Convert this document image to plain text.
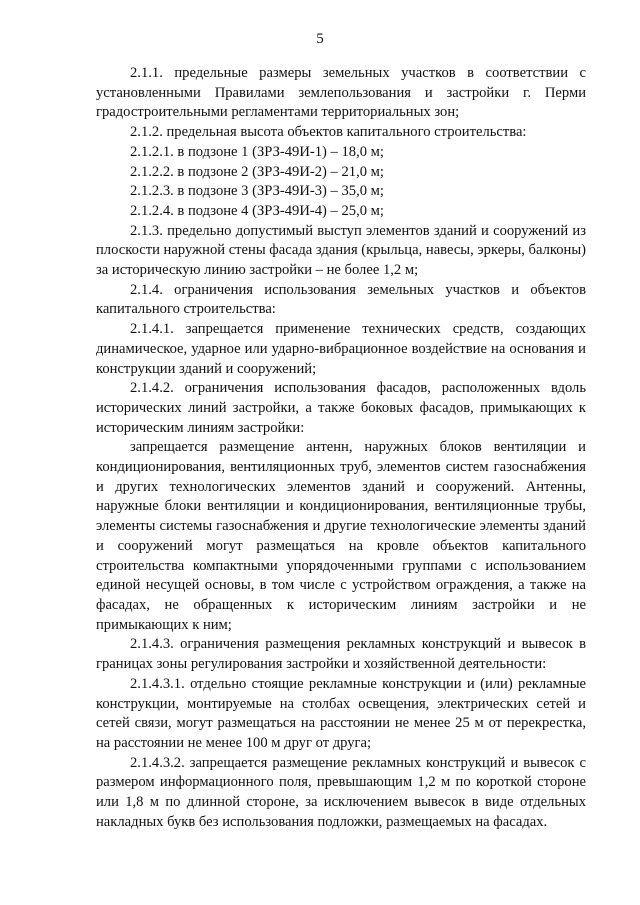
5

2.1.1. предельные размеры земельных участков в соответствии с установленными Правилами землепользования и застройки г. Перми градостроительными регламентами территориальных зон;

2.1.2. предельная высота объектов капитального строительства:

2.1.2.1. в подзоне 1 (ЗРЗ-49И-1) – 18,0 м;

2.1.2.2. в подзоне 2 (ЗРЗ-49И-2) – 21,0 м;

2.1.2.3. в подзоне 3 (ЗРЗ-49И-3) – 35,0 м;

2.1.2.4. в подзоне 4 (ЗРЗ-49И-4) – 25,0 м;

2.1.3. предельно допустимый выступ элементов зданий и сооружений из плоскости наружной стены фасада здания (крыльца, навесы, эркеры, балконы) за историческую линию застройки – не более 1,2 м;

2.1.4. ограничения использования земельных участков и объектов капитального строительства:

2.1.4.1. запрещается применение технических средств, создающих динамическое, ударное или ударно-вибрационное воздействие на основания и конструкции зданий и сооружений;

2.1.4.2. ограничения использования фасадов, расположенных вдоль исторических линий застройки, а также боковых фасадов, примыкающих к историческим линиям застройки:

запрещается размещение антенн, наружных блоков вентиляции и кондиционирования, вентиляционных труб, элементов систем газоснабжения и других технологических элементов зданий и сооружений. Антенны, наружные блоки вентиляции и кондиционирования, вентиляционные трубы, элементы системы газоснабжения и другие технологические элементы зданий и сооружений могут размещаться на кровле объектов капитального строительства компактными упорядоченными группами с использованием единой несущей основы, в том числе с устройством ограждения, а также на фасадах, не обращенных к историческим линиям застройки и не примыкающих к ним;

2.1.4.3. ограничения размещения рекламных конструкций и вывесок в границах зоны регулирования застройки и хозяйственной деятельности:

2.1.4.3.1. отдельно стоящие рекламные конструкции и (или) рекламные конструкции, монтируемые на столбах освещения, электрических сетей и сетей связи, могут размещаться на расстоянии не менее 25 м от перекрестка, на расстоянии не менее 100 м друг от друга;

2.1.4.3.2. запрещается размещение рекламных конструкций и вывесок с размером информационного поля, превышающим 1,2 м по короткой стороне или 1,8 м по длинной стороне, за исключением вывесок в виде отдельных накладных букв без использования подложки, размещаемых на фасадах.
